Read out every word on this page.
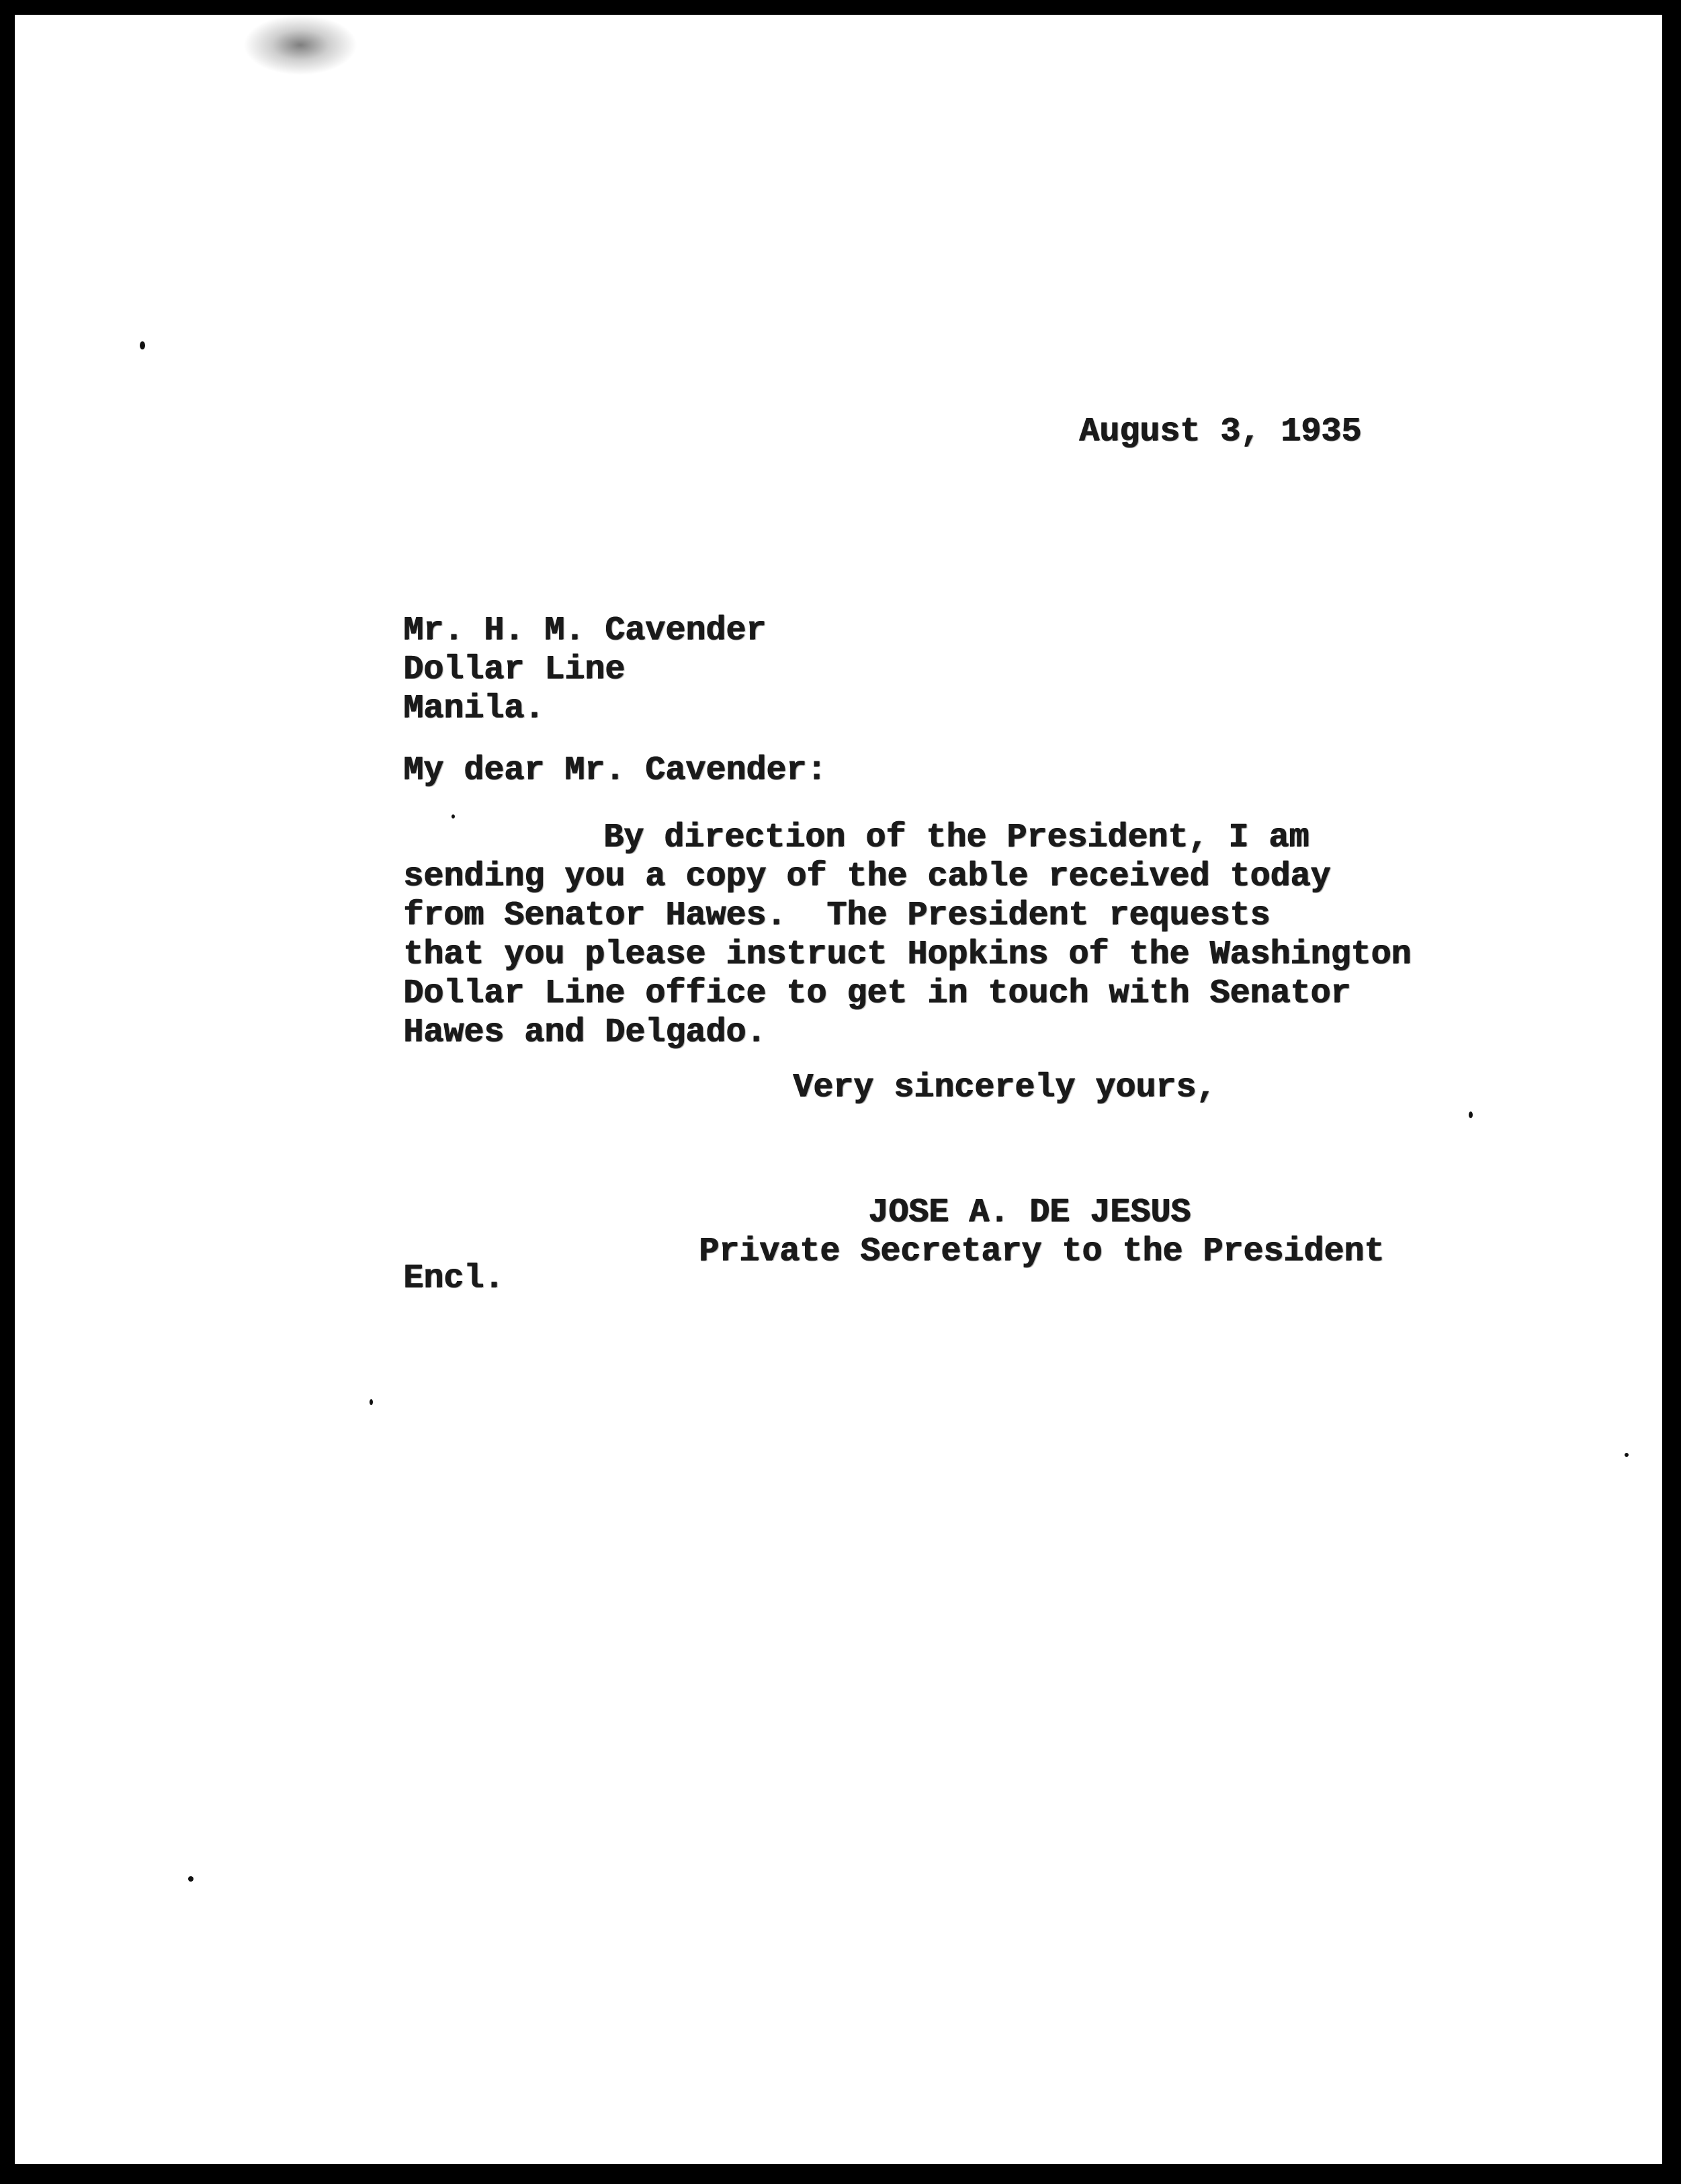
August 3, 1935
Mr. H. M. Cavender
Dollar Line
Manila.
My dear Mr. Cavender:
By direction of the President, I am
sending you a copy of the cable received today
from Senator Hawes.  The President requests
that you please instruct Hopkins of the Washington
Dollar Line office to get in touch with Senator
Hawes and Delgado.
Very sincerely yours,
JOSE A. DE JESUS
Private Secretary to the President
Encl.
